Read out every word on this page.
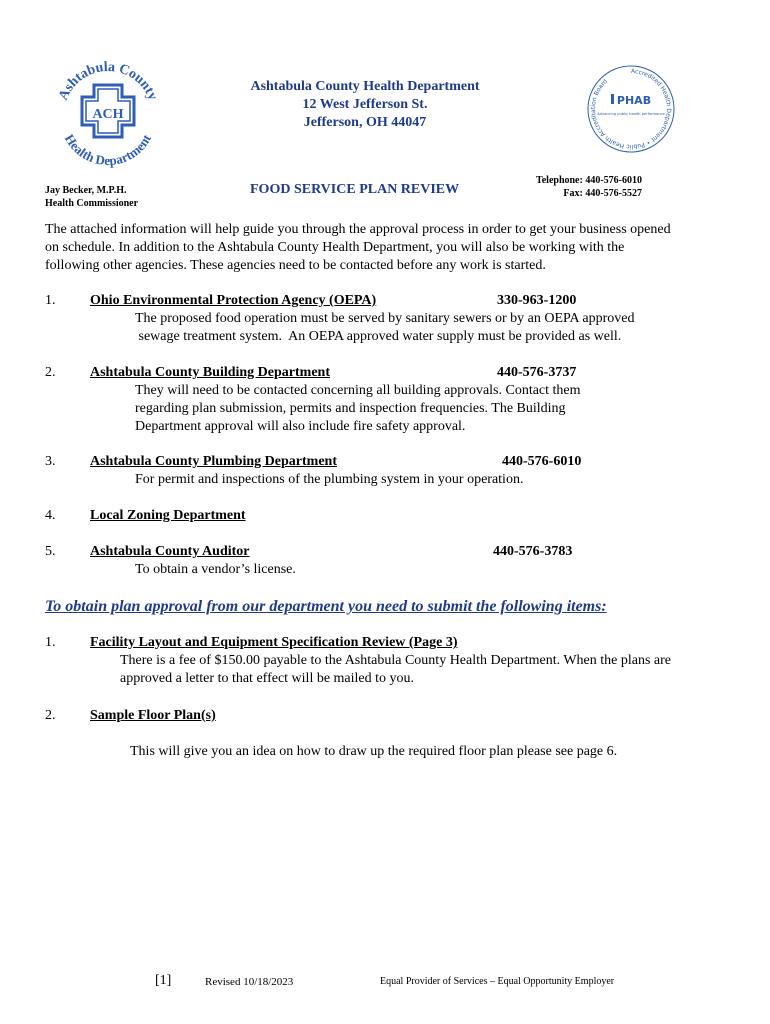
Ashtabula County
Health Department
ACH
Ashtabula County Health Department
12 West Jefferson St.
Jefferson, OH 44047
Accredited Health Department • Public Health Accreditation Board
PHAB
Advancing public health performance
Jay Becker, M.P.H.
Health Commissioner
FOOD SERVICE PLAN REVIEW
Telephone: 440-576-6010
Fax: 440-576-5527
The attached information will help guide you through the approval process in order to get your business opened
on schedule. In addition to the Ashtabula County Health Department, you will also be working with the
following other agencies. These agencies need to be contacted before any work is started.
1. Ohio Environmental Protection Agency (OEPA)	330-963-1200
The proposed food operation must be served by sanitary sewers or by an OEPA approved
sewage treatment system.  An OEPA approved water supply must be provided as well.
2. Ashtabula County Building Department	440-576-3737
They will need to be contacted concerning all building approvals. Contact them
regarding plan submission, permits and inspection frequencies. The Building
Department approval will also include fire safety approval.
3. Ashtabula County Plumbing Department	440-576-6010
For permit and inspections of the plumbing system in your operation.
4. Local Zoning Department
5. Ashtabula County Auditor	440-576-3783
To obtain a vendor’s license.
To obtain plan approval from our department you need to submit the following items:
1. Facility Layout and Equipment Specification Review (Page 3)
There is a fee of $150.00 payable to the Ashtabula County Health Department. When the plans are
approved a letter to that effect will be mailed to you.
2. Sample Floor Plan(s)
This will give you an idea on how to draw up the required floor plan please see page 6.
[1]	Revised 10/18/2023	Equal Provider of Services – Equal Opportunity Employer
